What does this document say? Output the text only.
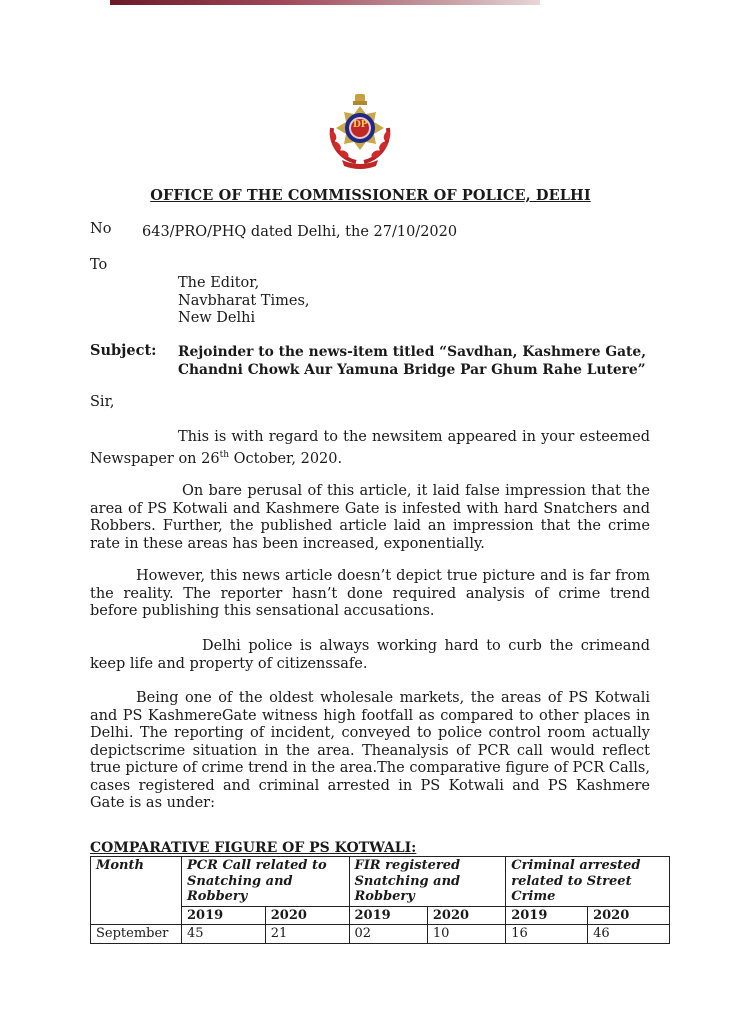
DP
OFFICE OF THE COMMISSIONER OF POLICE, DELHI
No 643/PRO/PHQ dated Delhi, the 27/10/2020
To
The Editor,
Navbharat Times,
New Delhi
Subject: Rejoinder to the news-item titled “Savdhan, Kashmere Gate, Chandni Chowk Aur Yamuna Bridge Par Ghum Rahe Lutere”
Sir,
This is with regard to the newsitem appeared in your esteemed Newspaper on 26th October, 2020.
On bare perusal of this article, it laid false impression that the area of PS Kotwali and Kashmere Gate is infested with hard Snatchers and Robbers. Further, the published article laid an impression that the crime rate in these areas has been increased, exponentially.
However, this news article doesn’t depict true picture and is far from the reality. The reporter hasn’t done required analysis of crime trend before publishing this sensational accusations.
Delhi police is always working hard to curb the crimeand keep life and property of citizenssafe.
Being one of the oldest wholesale markets, the areas of PS Kotwali and PS KashmereGate witness high footfall as compared to other places in Delhi. The reporting of incident, conveyed to police control room actually depictscrime situation in the area. Theanalysis of PCR call would reflect true picture of crime trend in the area.The comparative figure of PCR Calls, cases registered and criminal arrested in PS Kotwali and PS Kashmere Gate is as under:
COMPARATIVE FIGURE OF PS KOTWALI:
Month	PCR Call related to Snatching and Robbery		FIR registered Snatching and Robbery		Criminal arrested related to Street Crime	
	2019	2020	2019	2020	2019	2020
September	45	21	02	10	16	46
